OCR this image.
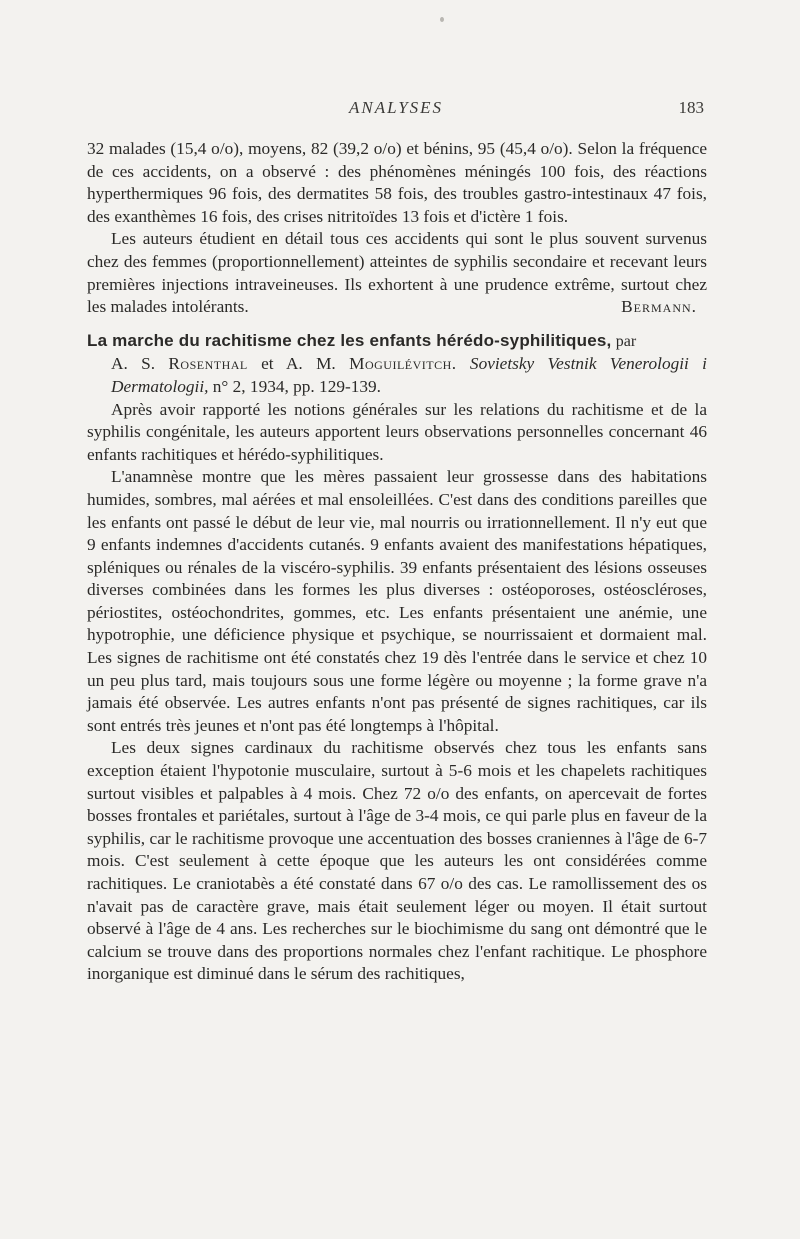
ANALYSES	183

32 malades (15,4 o/o), moyens, 82 (39,2 o/o) et bénins, 95 (45,4 o/o). Selon la fréquence de ces accidents, on a observé : des phénomènes méningés 100 fois, des réactions hyperthermiques 96 fois, des dermatites 58 fois, des troubles gastro-intestinaux 47 fois, des exanthèmes 16 fois, des crises nitritoïdes 13 fois et d'ictère 1 fois.

Les auteurs étudient en détail tous ces accidents qui sont le plus souvent survenus chez des femmes (proportionnellement) atteintes de syphilis secondaire et recevant leurs premières injections intraveineuses. Ils exhortent à une prudence extrême, surtout chez les malades intolérants.	Bermann.
La marche du rachitisme chez les enfants hérédo-syphilitiques, par
A. S. Rosenthal et A. M. Moguilévitch. Sovietsky Vestnik Venerologii i Dermatologii, n° 2, 1934, pp. 129-139.

Après avoir rapporté les notions générales sur les relations du rachitisme et de la syphilis congénitale, les auteurs apportent leurs observations personnelles concernant 46 enfants rachitiques et hérédo-syphilitiques.

L'anamnèse montre que les mères passaient leur grossesse dans des habitations humides, sombres, mal aérées et mal ensoleillées. C'est dans des conditions pareilles que les enfants ont passé le début de leur vie, mal nourris ou irrationnellement. Il n'y eut que 9 enfants indemnes d'accidents cutanés. 9 enfants avaient des manifestations hépatiques, spléniques ou rénales de la viscéro-syphilis. 39 enfants présentaient des lésions osseuses diverses combinées dans les formes les plus diverses : ostéoporoses, ostéoscléroses, périostites, ostéochondrites, gommes, etc. Les enfants présentaient une anémie, une hypotrophie, une déficience physique et psychique, se nourrissaient et dormaient mal. Les signes de rachitisme ont été constatés chez 19 dès l'entrée dans le service et chez 10 un peu plus tard, mais toujours sous une forme légère ou moyenne ; la forme grave n'a jamais été observée. Les autres enfants n'ont pas présenté de signes rachitiques, car ils sont entrés très jeunes et n'ont pas été longtemps à l'hôpital.

Les deux signes cardinaux du rachitisme observés chez tous les enfants sans exception étaient l'hypotonie musculaire, surtout à 5-6 mois et les chapelets rachitiques surtout visibles et palpables à 4 mois. Chez 72 o/o des enfants, on apercevait de fortes bosses frontales et pariétales, surtout à l'âge de 3-4 mois, ce qui parle plus en faveur de la syphilis, car le rachitisme provoque une accentuation des bosses craniennes à l'âge de 6-7 mois. C'est seulement à cette époque que les auteurs les ont considérées comme rachitiques. Le craniotabès a été constaté dans 67 o/o des cas. Le ramollissement des os n'avait pas de caractère grave, mais était seulement léger ou moyen. Il était surtout observé à l'âge de 4 ans. Les recherches sur le biochimisme du sang ont démontré que le calcium se trouve dans des proportions normales chez l'enfant rachitique. Le phosphore inorganique est diminué dans le sérum des rachitiques,
